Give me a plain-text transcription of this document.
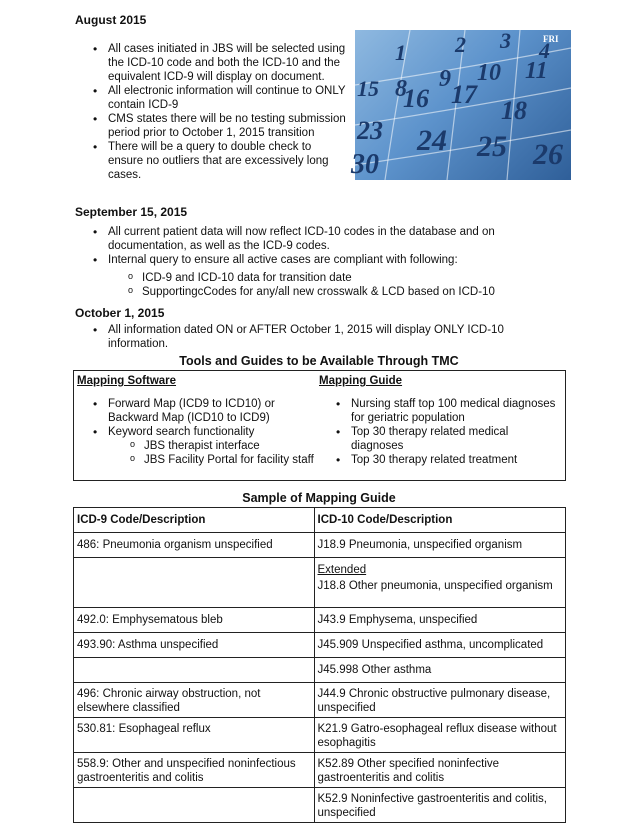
August 2015
• All cases initiated in JBS will be selected using the ICD-10 code and both the ICD-10 and the equivalent ICD-9 will display on document.
• All electronic information will continue to ONLY contain ICD-9
• CMS states there will be no testing submission period prior to October 1, 2015 transition
• There will be a query to double check to ensure no outliers that are excessively long cases.
FRI
1 2 3 4
8 9 10 11
15 16 17
18
23 24 25 26
30
September 15, 2015
• All current patient data will now reflect ICD-10 codes in the database and on documentation, as well as the ICD-9 codes.
• Internal query to ensure all active cases are compliant with following:
o ICD-9 and ICD-10 data for transition date
o SupportingcCodes for any/all new crosswalk & LCD based on ICD-10
October 1, 2015
• All information dated ON or AFTER October 1, 2015 will display ONLY ICD-10 information.
Tools and Guides to be Available Through TMC
Mapping Software
• Forward Map (ICD9 to ICD10) or Backward Map (ICD10 to ICD9)
• Keyword search functionality
o JBS therapist interface
o JBS Facility Portal for facility staff
Mapping Guide
• Nursing staff top 100 medical diagnoses for geriatric population
• Top 30 therapy related medical diagnoses
• Top 30 therapy related treatment
Sample of Mapping Guide
ICD-9 Code/Description	ICD-10 Code/Description
486: Pneumonia organism unspecified	J18.9 Pneumonia, unspecified organism

	Extended
J18.8 Other pneumonia, unspecified organism

492.0: Emphysematous bleb	J43.9 Emphysema, unspecified
493.90: Asthma unspecified	J45.909 Unspecified asthma, uncomplicated
	J45.998 Other asthma
496: Chronic airway obstruction, not elsewhere classified	J44.9 Chronic obstructive pulmonary disease, unspecified
530.81: Esophageal reflux	K21.9 Gatro-esophageal reflux disease without esophagitis
558.9: Other and unspecified noninfectious gastroenteritis and colitis	K52.89 Other specified noninfective gastroenteritis and colitis
	K52.9 Noninfective gastroenteritis and colitis, unspecified
